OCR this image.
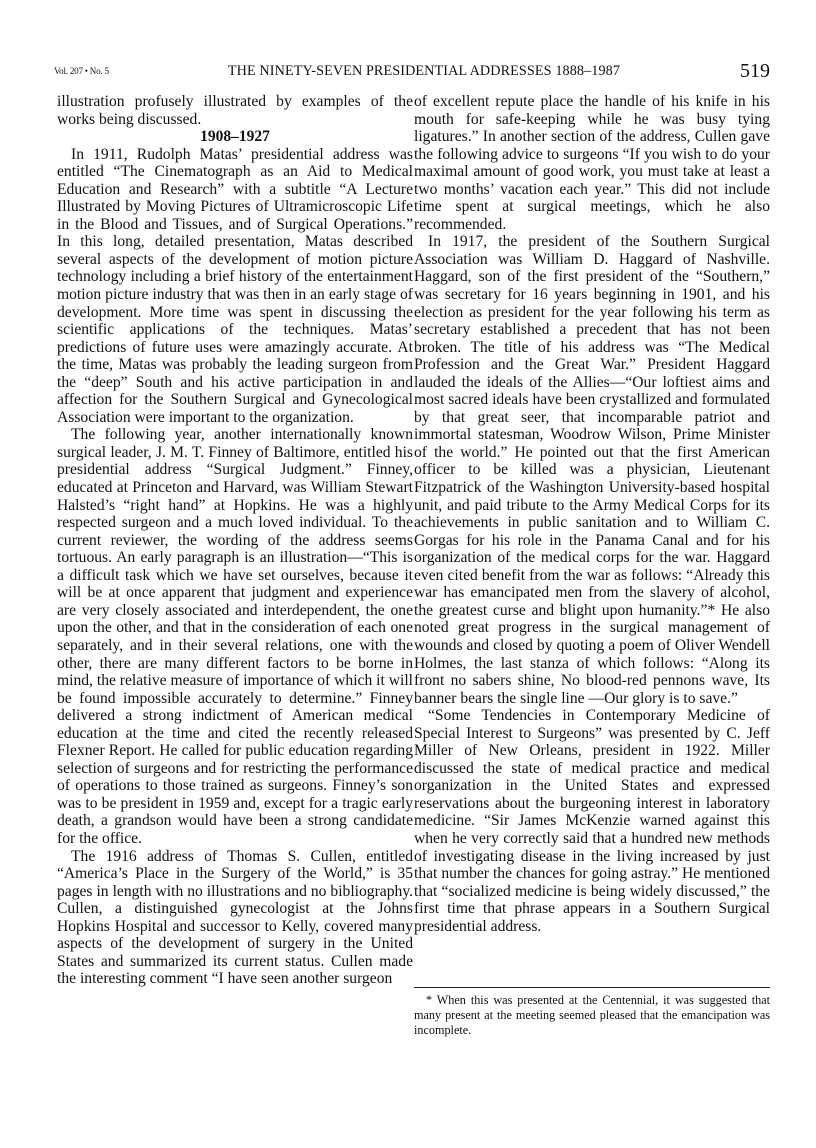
Vol. 207 • No. 5	THE NINETY-SEVEN PRESIDENTIAL ADDRESSES 1888–1987	519

illustration profusely illustrated by examples of the works being discussed.

1908–1927

In 1911, Rudolph Matas’ presidential address was entitled “The Cinematograph as an Aid to Medical Education and Research” with a subtitle “A Lecture Illustrated by Moving Pictures of Ultramicroscopic Life in the Blood and Tissues, and of Surgical Operations.” In this long, detailed presentation, Matas described several aspects of the development of motion picture technology including a brief history of the entertainment motion picture industry that was then in an early stage of development. More time was spent in discussing the scientific applications of the techniques. Matas’ predictions of future uses were amazingly accurate. At the time, Matas was probably the leading surgeon from the “deep” South and his active participation in and affection for the Southern Surgical and Gynecological Association were important to the organization.

The following year, another internationally known surgical leader, J. M. T. Finney of Baltimore, entitled his presidential address “Surgical Judgment.” Finney, educated at Princeton and Harvard, was William Stewart Halsted’s “right hand” at Hopkins. He was a highly respected surgeon and a much loved individual. To the current reviewer, the wording of the address seems tortuous. An early paragraph is an illustration—“This is a difficult task which we have set ourselves, because it will be at once apparent that judgment and experience are very closely associated and interdependent, the one upon the other, and that in the consideration of each one separately, and in their several relations, one with the other, there are many different factors to be borne in mind, the relative measure of importance of which it will be found impossible accurately to determine.” Finney delivered a strong indictment of American medical education at the time and cited the recently released Flexner Report. He called for public education regarding selection of surgeons and for restricting the performance of operations to those trained as surgeons. Finney’s son was to be president in 1959 and, except for a tragic early death, a grandson would have been a strong candidate for the office.

The 1916 address of Thomas S. Cullen, entitled “America’s Place in the Surgery of the World,” is 35 pages in length with no illustrations and no bibliography. Cullen, a distinguished gynecologist at the Johns Hopkins Hospital and successor to Kelly, covered many aspects of the development of surgery in the United States and summarized its current status. Cullen made the interesting comment “I have seen another surgeon

of excellent repute place the handle of his knife in his mouth for safe-keeping while he was busy tying ligatures.” In another section of the address, Cullen gave the following advice to surgeons “If you wish to do your maximal amount of good work, you must take at least a two months’ vacation each year.” This did not include time spent at surgical meetings, which he also recommended.

In 1917, the president of the Southern Surgical Association was William D. Haggard of Nashville. Haggard, son of the first president of the “Southern,” was secretary for 16 years beginning in 1901, and his election as president for the year following his term as secretary established a precedent that has not been broken. The title of his address was “The Medical Profession and the Great War.” President Haggard lauded the ideals of the Allies—“Our loftiest aims and most sacred ideals have been crystallized and formulated by that great seer, that incomparable patriot and immortal statesman, Woodrow Wilson, Prime Minister of the world.” He pointed out that the first American officer to be killed was a physician, Lieutenant Fitzpatrick of the Washington University-based hospital unit, and paid tribute to the Army Medical Corps for its achievements in public sanitation and to William C. Gorgas for his role in the Panama Canal and for his organization of the medical corps for the war. Haggard even cited benefit from the war as follows: “Already this war has emancipated men from the slavery of alcohol, the greatest curse and blight upon humanity.”* He also noted great progress in the surgical management of wounds and closed by quoting a poem of Oliver Wendell Holmes, the last stanza of which follows: “Along its front no sabers shine, No blood-red pennons wave, Its banner bears the single line —Our glory is to save.”

“Some Tendencies in Contemporary Medicine of Special Interest to Surgeons” was presented by C. Jeff Miller of New Orleans, president in 1922. Miller discussed the state of medical practice and medical organization in the United States and expressed reservations about the burgeoning interest in laboratory medicine. “Sir James McKenzie warned against this when he very correctly said that a hundred new methods of investigating disease in the living increased by just that number the chances for going astray.” He mentioned that “socialized medicine is being widely discussed,” the first time that phrase appears in a Southern Surgical presidential address.

* When this was presented at the Centennial, it was suggested that many present at the meeting seemed pleased that the emancipation was incomplete.
